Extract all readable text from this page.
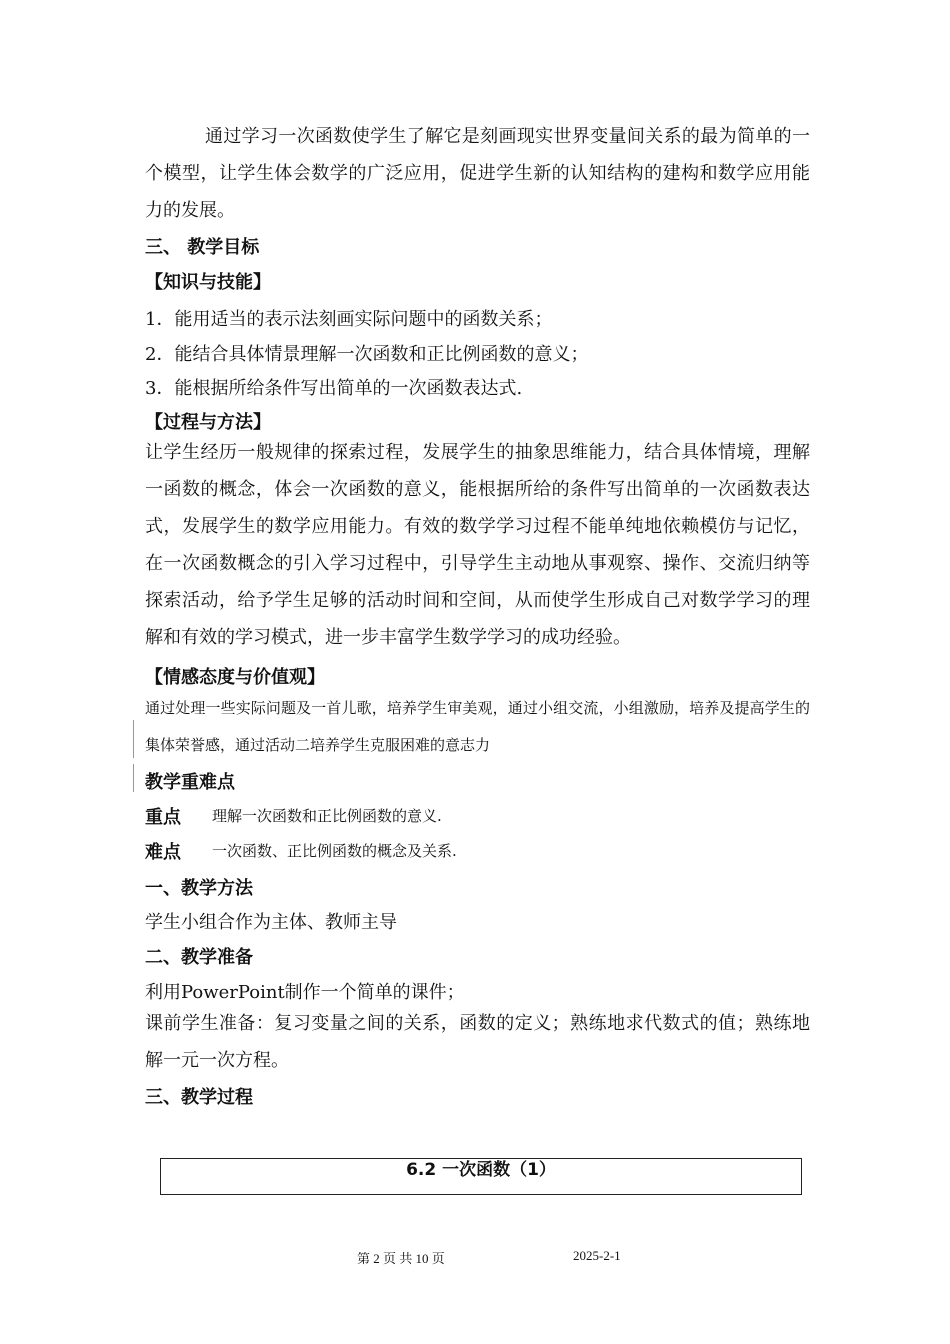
通过学习一次函数使学生了解它是刻画现实世界变量间关系的最为简单的一个模型，让学生体会数学的广泛应用，促进学生新的认知结构的建构和数学应用能力的发展。

三、 教学目标

【知识与技能】

1．能用适当的表示法刻画实际问题中的函数关系；

2．能结合具体情景理解一次函数和正比例函数的意义；

3．能根据所给条件写出简单的一次函数表达式.

【过程与方法】

让学生经历一般规律的探索过程，发展学生的抽象思维能力，结合具体情境，理解一函数的概念，体会一次函数的意义，能根据所给的条件写出简单的一次函数表达式，发展学生的数学应用能力。有效的数学学习过程不能单纯地依赖模仿与记忆，在一次函数概念的引入学习过程中，引导学生主动地从事观察、操作、交流归纳等探索活动，给予学生足够的活动时间和空间，从而使学生形成自己对数学学习的理解和有效的学习模式，进一步丰富学生数学学习的成功经验。

【情感态度与价值观】

通过处理一些实际问题及一首儿歌，培养学生审美观，通过小组交流，小组激励，培养及提高学生的集体荣誉感，通过活动二培养学生克服困难的意志力

教学重难点

重点 理解一次函数和正比例函数的意义.
难点 一次函数、正比例函数的概念及关系.

一、教学方法

学生小组合作为主体、教师主导

二、教学准备

利用PowerPoint制作一个简单的课件；

课前学生准备：复习变量之间的关系，函数的定义；熟练地求代数式的值；熟练地解一元一次方程。

三、教学过程

6.2 一次函数（1）
第 2 页 共 10 页	2025-2-1
